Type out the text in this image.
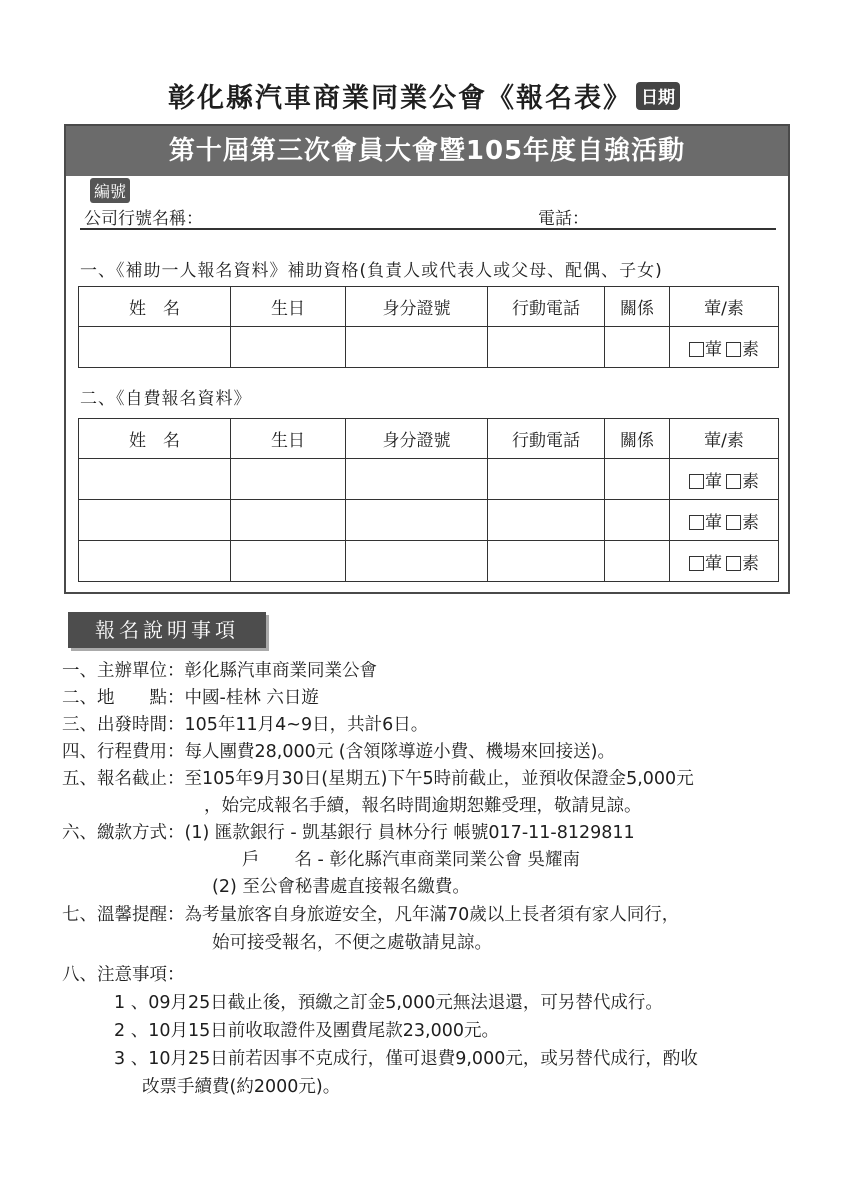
彰化縣汽車商業同業公會《報名表》 日期
第十屆第三次會員大會暨105年度自強活動
編號
公司行號名稱：	電話：
一、《補助一人報名資料》補助資格(負責人或代表人或父母、配偶、子女)
姓　名	生日	身分證號	行動電話	關係	葷/素
					葷 素
二、《自費報名資料》
姓　名	生日	身分證號	行動電話	關係	葷/素
					葷 素
					葷 素
					葷 素
報名說明事項
一、主辦單位：彰化縣汽車商業同業公會
二、地　　點：中國-桂林 六日遊
三、出發時間：105年11月4~9日，共計6日。
四、行程費用：每人團費28,000元 (含領隊導遊小費、機場來回接送)。
五、報名截止：至105年9月30日(星期五)下午5時前截止，並預收保證金5,000元
，始完成報名手續，報名時間逾期恕難受理，敬請見諒。
六、繳款方式：(1) 匯款銀行 - 凱基銀行 員林分行 帳號017-11-8129811
戶　　名 - 彰化縣汽車商業同業公會 吳耀南
(2) 至公會秘書處直接報名繳費。
七、溫馨提醒：為考量旅客自身旅遊安全，凡年滿70歲以上長者須有家人同行，
始可接受報名，不便之處敬請見諒。
八、注意事項：
1 、09月25日截止後，預繳之訂金5,000元無法退還，可另替代成行。
2 、10月15日前收取證件及團費尾款23,000元。
3 、10月25日前若因事不克成行，僅可退費9,000元，或另替代成行，酌收
改票手續費(約2000元)。
